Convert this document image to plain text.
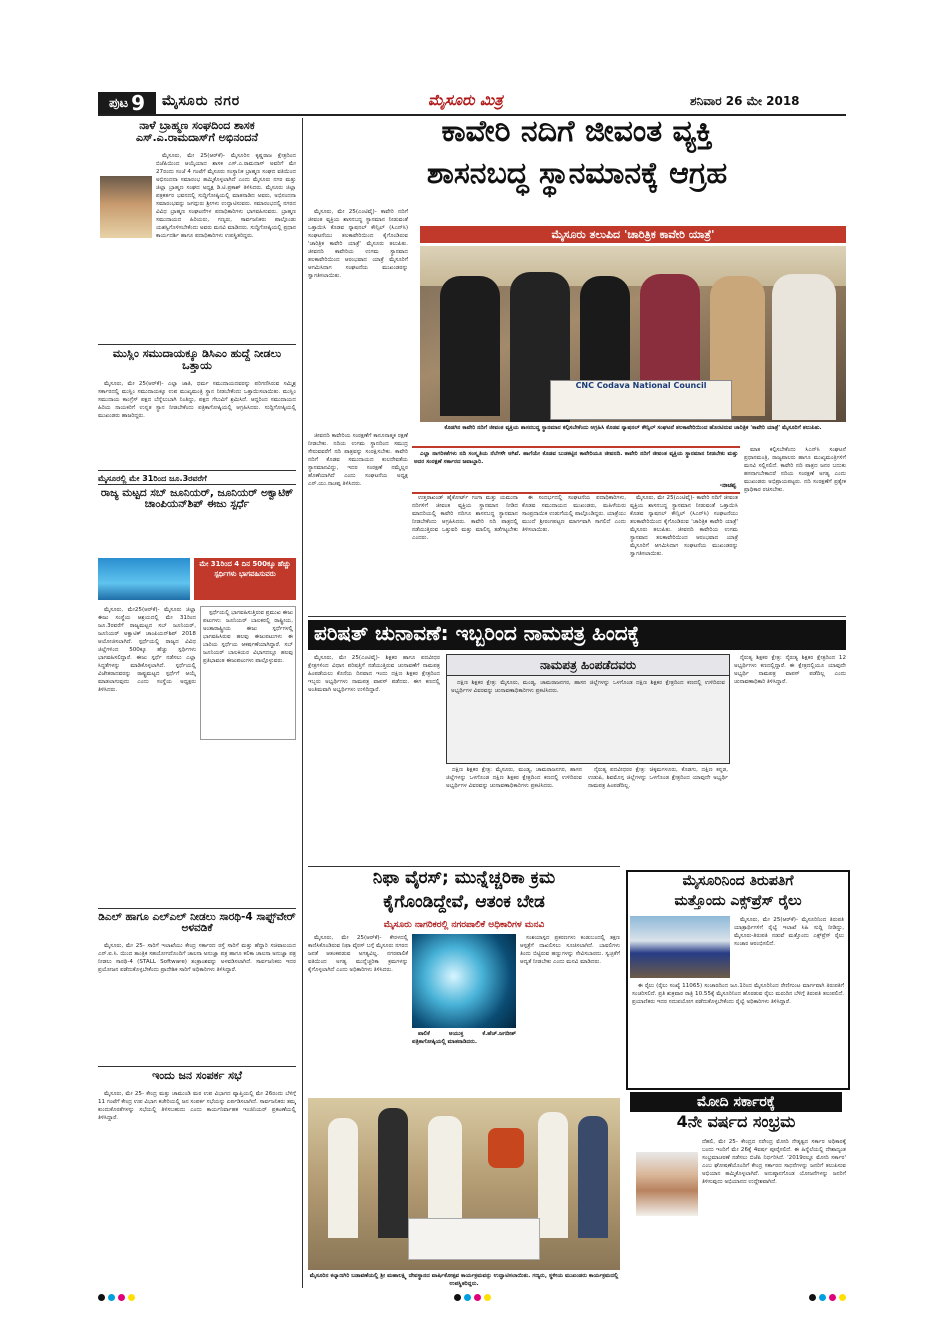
ಪುಟ 9 ಮೈಸೂರು ನಗರ	ಮೈಸೂರು ಮಿತ್ರ	ಶನಿವಾರ 26 ಮೇ 2018
ನಾಳೆ ಬ್ರಾಹ್ಮಣ ಸಂಘದಿಂದ ಶಾಸಕ ಎಸ್.ಎ.ರಾಮದಾಸ್‌ಗೆ ಅಭಿನಂದನೆ

ಮೈಸೂರು, ಮೇ 25(ಆರ್‌ಕೆ)- ಮೈಸೂರಿನ ಕೃಷ್ಣರಾಜ ಕ್ಷೇತ್ರದಿಂದ ಬಿಜೆಪಿಯಿಂದ ಆಯ್ಕೆಯಾದ ಶಾಸಕ ಎಸ್.ಎ.ರಾಮದಾಸ್ ಅವರಿಗೆ ಮೇ 27ರಂದು ಸಂಜೆ 4 ಗಂಟೆಗೆ ಮೈಸೂರು ಸಂಸ್ಥಾನಿಕ ಬ್ರಾಹ್ಮಣ ಸಂಘದ ವತಿಯಿಂದ ಅಭಿನಂದನಾ ಸಮಾರಂಭ ಹಮ್ಮಿಕೊಳ್ಳಲಾಗಿದೆ ಎಂದು ಮೈಸೂರು ನಗರ ಮತ್ತು ಜಿಲ್ಲಾ ಬ್ರಾಹ್ಮಣ ಸಂಘದ ಅಧ್ಯಕ್ಷ ಡಿ.ಟಿ.ಪ್ರಕಾಶ್ ತಿಳಿಸಿದರು. ಮೈಸೂರು ಜಿಲ್ಲಾ ಪತ್ರಕರ್ತರ ಭವನದಲ್ಲಿ ಸುದ್ದಿಗೋಷ್ಠಿಯಲ್ಲಿ ಮಾತನಾಡಿದ ಅವರು, ಅಭಿನಂದನಾ ಸಮಾರಂಭವನ್ನು ಜಗದ್ಗುರು ಶ್ರೀಗಳು ಉದ್ಘಾಟಿಸುವರು. ಸಮಾರಂಭದಲ್ಲಿ ನಗರದ ವಿವಿಧ ಬ್ರಾಹ್ಮಣ ಸಂಘಟನೆಗಳ ಪದಾಧಿಕಾರಿಗಳು ಭಾಗವಹಿಸುವರು. ಬ್ರಾಹ್ಮಣ ಸಮುದಾಯದ ಹಿರಿಯರು, ಗಣ್ಯರು, ಸಾರ್ವಜನಿಕರು ಪಾಲ್ಗೊಂಡು ಯಶಸ್ವಿಗೊಳಿಸಬೇಕೆಂದು ಅವರು ಮನವಿ ಮಾಡಿದರು. ಸುದ್ದಿಗೋಷ್ಠಿಯಲ್ಲಿ ಪ್ರಧಾನ ಕಾರ್ಯದರ್ಶಿ ಹಾಗೂ ಪದಾಧಿಕಾರಿಗಳು ಉಪಸ್ಥಿತರಿದ್ದರು.

ಮುಸ್ಲಿಂ ಸಮುದಾಯಕ್ಕೂ ಡಿಸಿಎಂ ಹುದ್ದೆ ನೀಡಲು ಒತ್ತಾಯ

ಮೈಸೂರು, ಮೇ 25(ಆರ್‌ಕೆ)- ಎಲ್ಲಾ ಜಾತಿ, ಧರ್ಮ ಸಮುದಾಯದವರನ್ನು ಪರಿಗಣಿಸಿರುವ ಸಮ್ಮಿಶ್ರ ಸರ್ಕಾರದಲ್ಲಿ ಮುಸ್ಲಿಂ ಸಮುದಾಯಕ್ಕೂ ಉಪ ಮುಖ್ಯಮಂತ್ರಿ ಸ್ಥಾನ ನೀಡಬೇಕೆಂದು ಒತ್ತಾಯಿಸಲಾಯಿತು. ಮುಸ್ಲಿಂ ಸಮುದಾಯ ಕಾಂಗ್ರೆಸ್ ಪಕ್ಷದ ಬೆನ್ನೆಲುಬಾಗಿ ನಿಂತಿದ್ದು, ಪಕ್ಷದ ಗೆಲುವಿಗೆ ಶ್ರಮಿಸಿದೆ. ಆದ್ದರಿಂದ ಸಮುದಾಯದ ಹಿರಿಯ ನಾಯಕರಿಗೆ ಉನ್ನತ ಸ್ಥಾನ ನೀಡಬೇಕೆಂದು ಪತ್ರಿಕಾಗೋಷ್ಠಿಯಲ್ಲಿ ಆಗ್ರಹಿಸಿದರು. ಸುದ್ದಿಗೋಷ್ಠಿಯಲ್ಲಿ ಮುಖಂಡರು ಹಾಜರಿದ್ದರು.

ಮೈಸೂರಲ್ಲಿ ಮೇ 31ರಿಂದ ಜೂ.3ರವರೆಗೆ
ರಾಜ್ಯ ಮಟ್ಟದ ಸಬ್ ಜೂನಿಯರ್, ಜೂನಿಯರ್ ಅಕ್ವಾಟಿಕ್ ಚಾಂಪಿಯನ್‌ಶಿಪ್ ಈಜು ಸ್ಪರ್ಧೆ
ಮೇ 31ರಿಂದ 4 ದಿನ 500ಕ್ಕೂ ಹೆಚ್ಚು ಸ್ಪರ್ಧಿಗಳು ಭಾಗವಹಿಸುವರು

ಮೈಸೂರು, ಮೇ25(ಆರ್‌ಕೆ)- ಮೈಸೂರು ಜಿಲ್ಲಾ ಈಜು ಸಂಸ್ಥೆಯ ಆಶ್ರಯದಲ್ಲಿ ಮೇ 31ರಿಂದ ಜೂ.3ರವರೆಗೆ ರಾಜ್ಯಮಟ್ಟದ ಸಬ್ ಜೂನಿಯರ್, ಜೂನಿಯರ್ ಅಕ್ವಾಟಿಕ್ ಚಾಂಪಿಯನ್‌ಶಿಪ್ 2018 ಆಯೋಜಿಸಲಾಗಿದೆ. ಸ್ಪರ್ಧೆಯಲ್ಲಿ ರಾಜ್ಯದ ವಿವಿಧ ಜಿಲ್ಲೆಗಳಿಂದ 500ಕ್ಕೂ ಹೆಚ್ಚು ಸ್ಪರ್ಧಿಗಳು ಭಾಗವಹಿಸಲಿದ್ದಾರೆ. ಈಜು ಸ್ಪರ್ಧೆ ನಡೆಸಲು ಎಲ್ಲಾ ಸಿದ್ಧತೆಗಳನ್ನು ಮಾಡಿಕೊಳ್ಳಲಾಗಿದೆ. ಸ್ಪರ್ಧೆಯಲ್ಲಿ ವಿಜೇತರಾದವರನ್ನು ರಾಷ್ಟ್ರಮಟ್ಟದ ಸ್ಪರ್ಧೆಗೆ ಆಯ್ಕೆ ಮಾಡಲಾಗುವುದು ಎಂದು ಸಂಸ್ಥೆಯ ಅಧ್ಯಕ್ಷರು ತಿಳಿಸಿದರು.

ಸ್ಪರ್ಧೆಯಲ್ಲಿ ಭಾಗವಹಿಸುತ್ತಿರುವ ಪ್ರಮುಖ ಈಜು ಪಟುಗಳು: ಜೂನಿಯರ್ ಬಾಲಕರಲ್ಲಿ ರಾಷ್ಟ್ರೀಯ, ಅಂತಾರಾಷ್ಟ್ರೀಯ ಈಜು ಸ್ಪರ್ಧೆಗಳಲ್ಲಿ ಭಾಗವಹಿಸಿರುವ ಹಲವು ಈಜುಪಟುಗಳು ಈ ಬಾರಿಯ ಸ್ಪರ್ಧೆಯ ಆಕರ್ಷಣೆಯಾಗಿದ್ದಾರೆ. ಸಬ್ ಜೂನಿಯರ್ ಬಾಲಕಿಯರ ವಿಭಾಗದಲ್ಲೂ ಹಲವು ಪ್ರತಿಭಾವಂತ ಈಜುಪಟುಗಳು ಪಾಲ್ಗೊಳ್ಳುವರು.

ಡಿಎಲ್ ಹಾಗೂ ಎಲ್‌ಎಲ್ ನೀಡಲು ಸಾರಥಿ-4 ಸಾಫ್ಟ್‌ವೇರ್ ಅಳವಡಿಕೆ

ಮೈಸೂರು, ಮೇ 25- ಸಾರಿಗೆ ಇಲಾಖೆಯು ಕೇಂದ್ರ ಸರ್ಕಾರದ ರಸ್ತೆ ಸಾರಿಗೆ ಮತ್ತು ಹೆದ್ದಾರಿ ಸಚಿವಾಲಯದ ಎನ್.ಐ.ಸಿ. ಯಿಂದ ತಾಂತ್ರಿಕ ಸಹಯೋಗದೊಂದಿಗೆ ಚಾಲನಾ ಅನುಜ್ಞಾ ಪತ್ರ ಹಾಗೂ ಕಲಿಕಾ ಚಾಲನಾ ಅನುಜ್ಞಾ ಪತ್ರ ನೀಡಲು ಸಾರಥಿ-4 (STALL Software) ತಂತ್ರಾಂಶವನ್ನು ಅಳವಡಿಸಲಾಗಿದೆ. ಸಾರ್ವಜನಿಕರು ಇದರ ಪ್ರಯೋಜನ ಪಡೆದುಕೊಳ್ಳಬೇಕೆಂದು ಪ್ರಾದೇಶಿಕ ಸಾರಿಗೆ ಅಧಿಕಾರಿಗಳು ತಿಳಿಸಿದ್ದಾರೆ.

ಇಂದು ಜನ ಸಂಪರ್ಕ ಸಭೆ

ಮೈಸೂರು, ಮೇ 25- ಕೇಂದ್ರ ಮತ್ತು ಚಾಮುಂಡಿ ಮಠ ಉಪ ವಿಭಾಗದ ವ್ಯಾಪ್ತಿಯಲ್ಲಿ ಮೇ 26ರಂದು ಬೆಳಿಗ್ಗೆ 11 ಗಂಟೆಗೆ ಕೇಂದ್ರ ಉಪ ವಿಭಾಗ ಕಚೇರಿಯಲ್ಲಿ ಜನ ಸಂಪರ್ಕ ಸಭೆಯನ್ನು ಏರ್ಪಡಿಸಲಾಗಿದೆ. ಸಾರ್ವಜನಿಕರು ತಮ್ಮ ಕುಂದುಕೊರತೆಗಳನ್ನು ಸಭೆಯಲ್ಲಿ ತಿಳಿಸಬಹುದು ಎಂದು ಕಾರ್ಯನಿರ್ವಾಹಕ ಇಂಜಿನಿಯರ್ ಪ್ರಕಟಣೆಯಲ್ಲಿ ತಿಳಿಸಿದ್ದಾರೆ.

ಕಾವೇರಿ ನದಿಗೆ ಜೀವಂತ ವ್ಯಕ್ತಿ
ಶಾಸನಬದ್ಧ ಸ್ಥಾನಮಾನಕ್ಕೆ ಆಗ್ರಹ

ಮೈಸೂರು, ಮೇ 25(ಎಂಟಿವೈ)- ಕಾವೇರಿ ನದಿಗೆ ಜೀವಂತ ವ್ಯಕ್ತಿಯ ಶಾಸನಬದ್ಧ ಸ್ಥಾನಮಾನ ನೀಡುವಂತೆ ಒತ್ತಾಯಿಸಿ ಕೊಡವ ನ್ಯಾಷನಲ್ ಕೌನ್ಸಿಲ್ (ಸಿಎನ್‌ಸಿ) ಸಂಘಟನೆಯು ತಲಕಾವೇರಿಯಿಂದ ಕೈಗೊಂಡಿರುವ 'ಚಾರಿತ್ರಿಕ ಕಾವೇರಿ ಯಾತ್ರೆ' ಮೈಸೂರು ತಲುಪಿತು. ಜೀವನದಿ ಕಾವೇರಿಯ ಉಗಮ ಸ್ಥಾನವಾದ ತಲಕಾವೇರಿಯಿಂದ ಆರಂಭವಾದ ಯಾತ್ರೆ ಮೈಸೂರಿಗೆ ಆಗಮಿಸಿದಾಗ ಸಂಘಟನೆಯ ಮುಖಂಡರನ್ನು ಸ್ವಾಗತಿಸಲಾಯಿತು.

ಮೈಸೂರು ತಲುಪಿದ 'ಚಾರಿತ್ರಿಕ ಕಾವೇರಿ ಯಾತ್ರೆ'
CNC Codava National Council
ಕೊಡಗಿನ ಕಾವೇರಿ ನದಿಗೆ ಜೀವಂತ ವ್ಯಕ್ತಿಯ ಶಾಸನಬದ್ಧ ಸ್ಥಾನಮಾನ ಕಲ್ಪಿಸಬೇಕೆಂದು ಆಗ್ರಹಿಸಿ ಕೊಡವ ನ್ಯಾಷನಲ್ ಕೌನ್ಸಿಲ್ ಸಂಘಟನೆ ತಲಕಾವೇರಿಯಿಂದ ಹೊರಟಿರುವ ಚಾರಿತ್ರಿಕ 'ಕಾವೇರಿ ಯಾತ್ರೆ' ಮೈಸೂರಿಗೆ ತಲುಪಿತು.

ಜೀವನದಿ ಕಾವೇರಿಯ ಸಂರಕ್ಷಣೆಗೆ ಕಾನೂನಾತ್ಮಕ ರಕ್ಷಣೆ ನೀಡಬೇಕು. ನದಿಯ ಉಗಮ ಸ್ಥಾನದಿಂದ ಸಮುದ್ರ ಸೇರುವವರೆಗೆ ನದಿ ಪಾತ್ರವನ್ನು ಸಂರಕ್ಷಿಸಬೇಕು. ಕಾವೇರಿ ನದಿಗೆ ಕೊಡವ ಸಮುದಾಯದ ಕುಲದೇವತೆಯ ಸ್ಥಾನಮಾನವಿದ್ದು, ಇದರ ಸಂರಕ್ಷಣೆ ನಮ್ಮೆಲ್ಲರ ಹೊಣೆಯಾಗಿದೆ ಎಂದು ಸಂಘಟನೆಯ ಅಧ್ಯಕ್ಷ ಎನ್.ಯು.ನಾಚಪ್ಪ ತಿಳಿಸಿದರು.

ಎಲ್ಲಾ ನಾಗರಿಕತೆಗಳು ನದಿ ಸಂಸ್ಕೃತಿಯ ನೆಲೆಗಳೇ ಆಗಿವೆ. ಹಾಗೆಯೇ ಕೊಡವ ಬುಡಕಟ್ಟಿನ ಕಾವೇರಿಯೂ ಜೀವನದಿ. ಕಾವೇರಿ ನದಿಗೆ ಜೀವಂತ ವ್ಯಕ್ತಿಯ ಸ್ಥಾನಮಾನ ನೀಡಬೇಕು ಮತ್ತು ಅದರ ಸಂರಕ್ಷಣೆ ಸರ್ಕಾರದ ಜವಾಬ್ದಾರಿ.

-ನಾಚಪ್ಪ

ಉತ್ತರಾಖಂಡ್ ಹೈಕೋರ್ಟ್ ಗಂಗಾ ಮತ್ತು ಯಮುನಾ ನದಿಗಳಿಗೆ ಜೀವಂತ ವ್ಯಕ್ತಿಯ ಸ್ಥಾನಮಾನ ನೀಡಿದ ಮಾದರಿಯಲ್ಲಿ ಕಾವೇರಿ ನದಿಗೂ ಶಾಸನಬದ್ಧ ಸ್ಥಾನಮಾನ ನೀಡಬೇಕೆಂದು ಆಗ್ರಹಿಸಿದರು. ಕಾವೇರಿ ನದಿ ಪಾತ್ರದಲ್ಲಿ ನಡೆಯುತ್ತಿರುವ ಒತ್ತುವರಿ ಮತ್ತು ಮಾಲಿನ್ಯ ತಡೆಗಟ್ಟಬೇಕು ಎಂದರು.

ಈ ಸಂದರ್ಭದಲ್ಲಿ ಸಂಘಟನೆಯ ಪದಾಧಿಕಾರಿಗಳು, ಕೊಡವ ಸಮುದಾಯದ ಮುಖಂಡರು, ಮಹಿಳೆಯರು ಸಾಂಪ್ರದಾಯಿಕ ಉಡುಗೆಯಲ್ಲಿ ಪಾಲ್ಗೊಂಡಿದ್ದರು. ಯಾತ್ರೆಯು ಮುಂದೆ ಶ್ರೀರಂಗಪಟ್ಟಣ ಮಾರ್ಗವಾಗಿ ಸಾಗಲಿದೆ ಎಂದು ತಿಳಿಸಲಾಯಿತು.

ಮೈಸೂರು, ಮೇ 25(ಎಂಟಿವೈ)- ಕಾವೇರಿ ನದಿಗೆ ಜೀವಂತ ವ್ಯಕ್ತಿಯ ಶಾಸನಬದ್ಧ ಸ್ಥಾನಮಾನ ನೀಡುವಂತೆ ಒತ್ತಾಯಿಸಿ ಕೊಡವ ನ್ಯಾಷನಲ್ ಕೌನ್ಸಿಲ್ (ಸಿಎನ್‌ಸಿ) ಸಂಘಟನೆಯು ತಲಕಾವೇರಿಯಿಂದ ಕೈಗೊಂಡಿರುವ 'ಚಾರಿತ್ರಿಕ ಕಾವೇರಿ ಯಾತ್ರೆ' ಮೈಸೂರು ತಲುಪಿತು. ಜೀವನದಿ ಕಾವೇರಿಯ ಉಗಮ ಸ್ಥಾನವಾದ ತಲಕಾವೇರಿಯಿಂದ ಆರಂಭವಾದ ಯಾತ್ರೆ ಮೈಸೂರಿಗೆ ಆಗಮಿಸಿದಾಗ ಸಂಘಟನೆಯ ಮುಖಂಡರನ್ನು ಸ್ವಾಗತಿಸಲಾಯಿತು.

ಮಾತ ಕಲ್ಪಿಸಬೇಕೆಂದು ಸಿಎನ್‌ಸಿ ಸಂಘಟನೆ ಪ್ರಧಾನಮಂತ್ರಿ, ರಾಜ್ಯಪಾಲರು ಹಾಗೂ ಮುಖ್ಯಮಂತ್ರಿಗಳಿಗೆ ಮನವಿ ಸಲ್ಲಿಸಲಿದೆ. ಕಾವೇರಿ ನದಿ ಪಾತ್ರದ ಜನರ ಬದುಕು ಹಸನಾಗಬೇಕಾದರೆ ನದಿಯ ಸಂರಕ್ಷಣೆ ಅಗತ್ಯ ಎಂದು ಮುಖಂಡರು ಅಭಿಪ್ರಾಯಪಟ್ಟರು. ನದಿ ಸಂರಕ್ಷಣೆಗೆ ಪ್ರತ್ಯೇಕ ಪ್ರಾಧಿಕಾರ ರಚಿಸಬೇಕು.

ಪರಿಷತ್ ಚುನಾವಣೆ: ಇಬ್ಬರಿಂದ ನಾಮಪತ್ರ ಹಿಂದಕ್ಕೆ

ಮೈಸೂರು, ಮೇ 25(ಎಂಟಿವೈ)- ಶಿಕ್ಷಕರ ಹಾಗೂ ಪದವೀಧರ ಕ್ಷೇತ್ರಗಳಿಂದ ವಿಧಾನ ಪರಿಷತ್ತಿಗೆ ನಡೆಯುತ್ತಿರುವ ಚುನಾವಣೆಗೆ ನಾಮಪತ್ರ ಹಿಂಪಡೆಯಲು ಕೊನೆಯ ದಿನವಾದ ಇಂದು ದಕ್ಷಿಣ ಶಿಕ್ಷಕರ ಕ್ಷೇತ್ರದಿಂದ ಇಬ್ಬರು ಅಭ್ಯರ್ಥಿಗಳು ನಾಮಪತ್ರ ವಾಪಸ್ ಪಡೆದರು. ಈಗ ಕಣದಲ್ಲಿ ಅಂತಿಮವಾಗಿ ಅಭ್ಯರ್ಥಿಗಳು ಉಳಿದಿದ್ದಾರೆ.

ನಾಮಪತ್ರ ಹಿಂಪಡೆದವರು

ದಕ್ಷಿಣ ಶಿಕ್ಷಕರ ಕ್ಷೇತ್ರ: ಮೈಸೂರು, ಮಂಡ್ಯ, ಚಾಮರಾಜನಗರ, ಹಾಸನ ಜಿಲ್ಲೆಗಳನ್ನು ಒಳಗೊಂಡ ದಕ್ಷಿಣ ಶಿಕ್ಷಕರ ಕ್ಷೇತ್ರದಿಂದ ಕಣದಲ್ಲಿ ಉಳಿದಿರುವ ಅಭ್ಯರ್ಥಿಗಳ ವಿವರವನ್ನು ಚುನಾವಣಾಧಿಕಾರಿಗಳು ಪ್ರಕಟಿಸಿದರು.

ದಕ್ಷಿಣ ಶಿಕ್ಷಕರ ಕ್ಷೇತ್ರ: ಮೈಸೂರು, ಮಂಡ್ಯ, ಚಾಮರಾಜನಗರ, ಹಾಸನ ಜಿಲ್ಲೆಗಳನ್ನು ಒಳಗೊಂಡ ದಕ್ಷಿಣ ಶಿಕ್ಷಕರ ಕ್ಷೇತ್ರದಿಂದ ಕಣದಲ್ಲಿ ಉಳಿದಿರುವ ಅಭ್ಯರ್ಥಿಗಳ ವಿವರವನ್ನು ಚುನಾವಣಾಧಿಕಾರಿಗಳು ಪ್ರಕಟಿಸಿದರು.

ನೈರುತ್ಯ ಪದವೀಧರರ ಕ್ಷೇತ್ರ: ಚಿಕ್ಕಮಗಳೂರು, ಕೊಡಗು, ದಕ್ಷಿಣ ಕನ್ನಡ, ಉಡುಪಿ, ಶಿವಮೊಗ್ಗ ಜಿಲ್ಲೆಗಳನ್ನು ಒಳಗೊಂಡ ಕ್ಷೇತ್ರದಿಂದ ಯಾವುದೇ ಅಭ್ಯರ್ಥಿ ನಾಮಪತ್ರ ಹಿಂಪಡೆದಿಲ್ಲ.

ನೈರುತ್ಯ ಶಿಕ್ಷಕರ ಕ್ಷೇತ್ರ: ನೈರುತ್ಯ ಶಿಕ್ಷಕರ ಕ್ಷೇತ್ರದಿಂದ 12 ಅಭ್ಯರ್ಥಿಗಳು ಕಣದಲ್ಲಿದ್ದಾರೆ. ಈ ಕ್ಷೇತ್ರದಲ್ಲಿಯೂ ಯಾವುದೇ ಅಭ್ಯರ್ಥಿ ನಾಮಪತ್ರ ವಾಪಸ್ ಪಡೆದಿಲ್ಲ ಎಂದು ಚುನಾವಣಾಧಿಕಾರಿ ತಿಳಿಸಿದ್ದಾರೆ.

ನಿಫಾ ವೈರಸ್; ಮುನ್ನೆಚ್ಚರಿಕಾ ಕ್ರಮ
ಕೈಗೊಂಡಿದ್ದೇವೆ, ಆತಂಕ ಬೇಡ
ಮೈಸೂರು ನಾಗರಿಕರಲ್ಲಿ ನಗರಪಾಲಿಕೆ ಅಧಿಕಾರಿಗಳ ಮನವಿ

ಮೈಸೂರು, ಮೇ 25(ಆರ್‌ಕೆ)- ಕೇರಳದಲ್ಲಿ ಕಾಣಿಸಿಕೊಂಡಿರುವ ನಿಫಾ ವೈರಸ್ ಬಗ್ಗೆ ಮೈಸೂರು ನಗರದ ಜನತೆ ಆತಂಕಪಡುವ ಅಗತ್ಯವಿಲ್ಲ. ನಗರಪಾಲಿಕೆ ವತಿಯಿಂದ ಅಗತ್ಯ ಮುನ್ನೆಚ್ಚರಿಕಾ ಕ್ರಮಗಳನ್ನು ಕೈಗೊಳ್ಳಲಾಗಿದೆ ಎಂದು ಅಧಿಕಾರಿಗಳು ತಿಳಿಸಿದರು.

ಪಾಲಿಕೆ ಆಯುಕ್ತ ಕೆ.ಹೆಚ್.ಜಗದೀಶ್ ಪತ್ರಿಕಾಗೋಷ್ಠಿಯಲ್ಲಿ ಮಾತನಾಡಿದರು.

ಸಂಶಯಾಸ್ಪದ ಪ್ರಕರಣಗಳು ಕಂಡುಬಂದಲ್ಲಿ ತಕ್ಷಣ ಆಸ್ಪತ್ರೆಗೆ ದಾಖಲಿಸಲು ಸೂಚಿಸಲಾಗಿದೆ. ಬಾವಲಿಗಳು ತಿಂದು ಬಿಟ್ಟಿರುವ ಹಣ್ಣುಗಳನ್ನು ಸೇವಿಸಬಾರದು. ಸ್ವಚ್ಛತೆಗೆ ಆದ್ಯತೆ ನೀಡಬೇಕು ಎಂದು ಮನವಿ ಮಾಡಿದರು.

ಮೈಸೂರಿನ ಕಲ್ಯಾಣಗಿರಿ ಬಡಾವಣೆಯಲ್ಲಿ ಶ್ರೀ ಮಹಾಲಕ್ಷ್ಮಿ ದೇವಸ್ಥಾನದ ವಾರ್ಷಿಕೋತ್ಸವ ಕಾರ್ಯಕ್ರಮವನ್ನು ಉದ್ಘಾಟಿಸಲಾಯಿತು. ಗಣ್ಯರು, ಸ್ಥಳೀಯ ಮುಖಂಡರು ಕಾರ್ಯಕ್ರಮದಲ್ಲಿ ಉಪಸ್ಥಿತರಿದ್ದರು.
ಮೈಸೂರಿನಿಂದ ತಿರುಪತಿಗೆ
ಮತ್ತೊಂದು ಎಕ್ಸ್‌ಪ್ರೆಸ್ ರೈಲು

ಮೈಸೂರು, ಮೇ 25(ಆರ್‌ಕೆ)- ಮೈಸೂರಿನಿಂದ ತಿರುಪತಿ ಯಾತ್ರಾರ್ಥಿಗಳಿಗೆ ರೈಲ್ವೆ ಇಲಾಖೆ ಸಿಹಿ ಸುದ್ದಿ ನೀಡಿದ್ದು, ಮೈಸೂರು-ತಿರುಪತಿ ನಡುವೆ ಮತ್ತೊಂದು ಎಕ್ಸ್‌ಪ್ರೆಸ್ ರೈಲು ಸಂಚಾರ ಆರಂಭಿಸಲಿದೆ.

ಈ ರೈಲು (ರೈಲು ಸಂಖ್ಯೆ 11065) ಸಂಚಾರದಿಂದ ಜೂ.1ರಿಂದ ಮೈಸೂರಿನಿಂದ ರೇಣಿಗುಂಟ ಮಾರ್ಗವಾಗಿ ತಿರುಪತಿಗೆ ಸಂಚರಿಸಲಿದೆ. ಪ್ರತಿ ಶುಕ್ರವಾರ ರಾತ್ರಿ 10.55ಕ್ಕೆ ಮೈಸೂರಿನಿಂದ ಹೊರಡುವ ರೈಲು ಮರುದಿನ ಬೆಳಿಗ್ಗೆ ತಿರುಪತಿ ತಲುಪಲಿದೆ. ಪ್ರಯಾಣಿಕರು ಇದರ ಸದುಪಯೋಗ ಪಡೆದುಕೊಳ್ಳಬೇಕೆಂದು ರೈಲ್ವೆ ಅಧಿಕಾರಿಗಳು ತಿಳಿಸಿದ್ದಾರೆ.

ಮೋದಿ ಸರ್ಕಾರಕ್ಕೆ
4ನೇ ವರ್ಷದ ಸಂಭ್ರಮ

ದೆಹಲಿ, ಮೇ 25- ಕೇಂದ್ರದ ನರೇಂದ್ರ ಮೋದಿ ನೇತೃತ್ವದ ಸರ್ಕಾರ ಅಧಿಕಾರಕ್ಕೆ ಬಂದು ಇಂದಿಗೆ ಮೇ 26ಕ್ಕೆ 4ವರ್ಷ ಪೂರೈಸಲಿದೆ. ಈ ಹಿನ್ನೆಲೆಯಲ್ಲಿ ದೇಶಾದ್ಯಂತ ಸಂಭ್ರಮಾಚರಣೆ ನಡೆಸಲು ಬಿಜೆಪಿ ನಿರ್ಧರಿಸಿದೆ. '2019ರಲ್ಲೂ ಮೋದಿ ಸರ್ಕಾರ' ಎಂಬ ಘೋಷಣೆಯೊಂದಿಗೆ ಕೇಂದ್ರ ಸರ್ಕಾರದ ಸಾಧನೆಗಳನ್ನು ಜನರಿಗೆ ತಲುಪಿಸುವ ಅಭಿಯಾನ ಹಮ್ಮಿಕೊಳ್ಳಲಾಗಿದೆ. ಅನುಷ್ಠಾನಗೊಂಡ ಯೋಜನೆಗಳನ್ನು ಜನರಿಗೆ ತಿಳಿಸುವುದು ಅಭಿಯಾನದ ಉದ್ದೇಶವಾಗಿದೆ.
